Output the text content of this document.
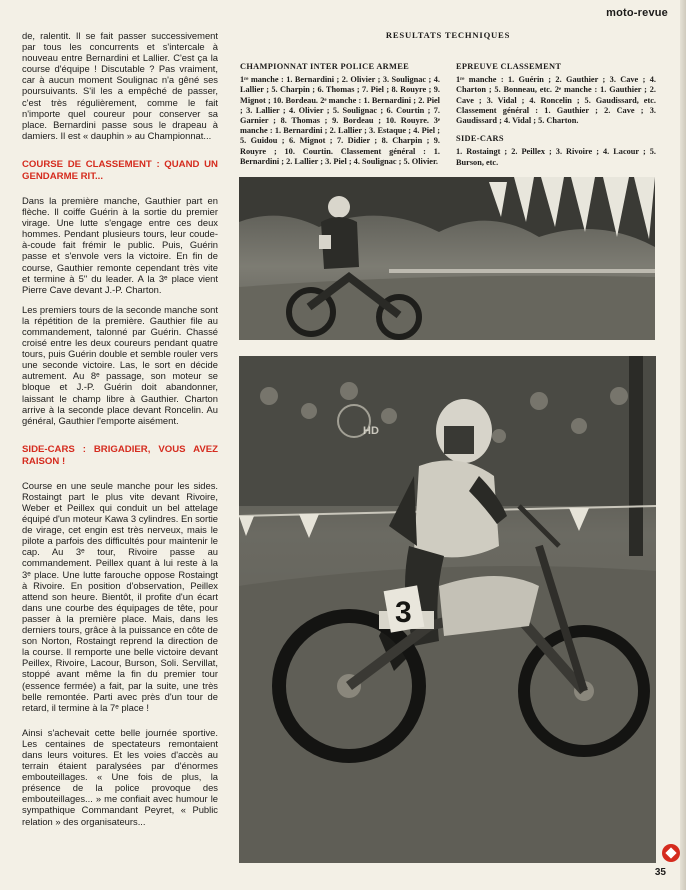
moto-revue

de, ralentit. Il se fait passer successivement par tous les concurrents et s'intercale à nouveau entre Bernardini et Lallier. C'est ça la course d'équipe ! Discutable ? Pas vraiment, car à aucun moment Soulignac n'a gêné ses poursuivants. S'il les a empêché de passer, c'est très régulièrement, comme le fait n'importe quel coureur pour conserver sa place. Bernardini passe sous le drapeau à damiers. Il est « dauphin » au Championnat...

COURSE DE CLASSEMENT : QUAND UN GENDARME RIT...

Dans la première manche, Gauthier part en flèche. Il coiffe Guérin à la sortie du premier virage. Une lutte s'engage entre ces deux hommes. Pendant plusieurs tours, leur coude-à-coude fait frémir le public. Puis, Guérin passe et s'envole vers la victoire. En fin de course, Gauthier remonte cependant très vite et termine à 5" du leader. A la 3ᵉ place vient Pierre Cave devant J.-P. Charton.

Les premiers tours de la seconde manche sont la répétition de la première. Gauthier file au commandement, talonné par Guérin. Chassé croisé entre les deux coureurs pendant quatre tours, puis Guérin double et semble rouler vers une seconde victoire. Las, le sort en décide autrement. Au 8ᵉ passage, son moteur se bloque et J.-P. Guérin doit abandonner, laissant le champ libre à Gauthier. Charton arrive à la seconde place devant Roncelin. Au général, Gauthier l'emporte aisément.

SIDE-CARS : BRIGADIER, VOUS AVEZ RAISON !

Course en une seule manche pour les sides. Rostaingt part le plus vite devant Rivoire, Weber et Peillex qui conduit un bel attelage équipé d'un moteur Kawa 3 cylindres. En sortie de virage, cet engin est très nerveux, mais le pilote a parfois des difficultés pour maintenir le cap. Au 3ᵉ tour, Rivoire passe au commandement. Peillex quant à lui reste à la 3ᵉ place. Une lutte farouche oppose Rostaingt à Rivoire. En position d'observation, Peillex attend son heure. Bientôt, il profite d'un écart dans une courbe des équipages de tête, pour passer à la première place. Mais, dans les derniers tours, grâce à la puissance en côte de son Norton, Rostaingt reprend la direction de la course. Il remporte une belle victoire devant Peillex, Rivoire, Lacour, Burson, Soli. Servillat, stoppé avant même la fin du premier tour (essence fermée) a fait, par la suite, une très belle remontée. Parti avec près d'un tour de retard, il termine à la 7ᵉ place !

Ainsi s'achevait cette belle journée sportive. Les centaines de spectateurs remontaient dans leurs voitures. Et les voies d'accès au terrain étaient paralysées par d'énormes embouteillages. « Une fois de plus, la présence de la police provoque des embouteillages... » me confiait avec humour le sympathique Commandant Peyret, « Public relation » des organisateurs...

RESULTATS TECHNIQUES
CHAMPIONNAT INTER POLICE ARMEE

1ʳᵉ manche : 1. Bernardini ; 2. Olivier ; 3. Soulignac ; 4. Lallier ; 5. Charpin ; 6. Thomas ; 7. Piel ; 8. Rouyre ; 9. Mignot ; 10. Bordeau. 2ᵉ manche : 1. Bernardini ; 2. Piel ; 3. Lallier ; 4. Olivier ; 5. Soulignac ; 6. Courtin ; 7. Garnier ; 8. Thomas ; 9. Bordeau ; 10. Rouyre. 3ᵉ manche : 1. Bernardini ; 2. Lallier ; 3. Estaque ; 4. Piel ; 5. Guidou ; 6. Mignot ; 7. Didier ; 8. Charpin ; 9. Rouyre ; 10. Courtin. Classement général : 1. Bernardini ; 2. Lallier ; 3. Piel ; 4. Soulignac ; 5. Olivier.

EPREUVE CLASSEMENT

1ʳᵉ manche : 1. Guérin ; 2. Gauthier ; 3. Cave ; 4. Charton ; 5. Bonneau, etc. 2ᵉ manche : 1. Gauthier ; 2. Cave ; 3. Vidal ; 4. Roncelin ; 5. Gaudissard, etc. Classement général : 1. Gauthier ; 2. Cave ; 3. Gaudissard ; 4. Vidal ; 5. Charton.

SIDE-CARS

1. Rostaingt ; 2. Peillex ; 3. Rivoire ; 4. Lacour ; 5. Burson, etc.

3
HD
35
